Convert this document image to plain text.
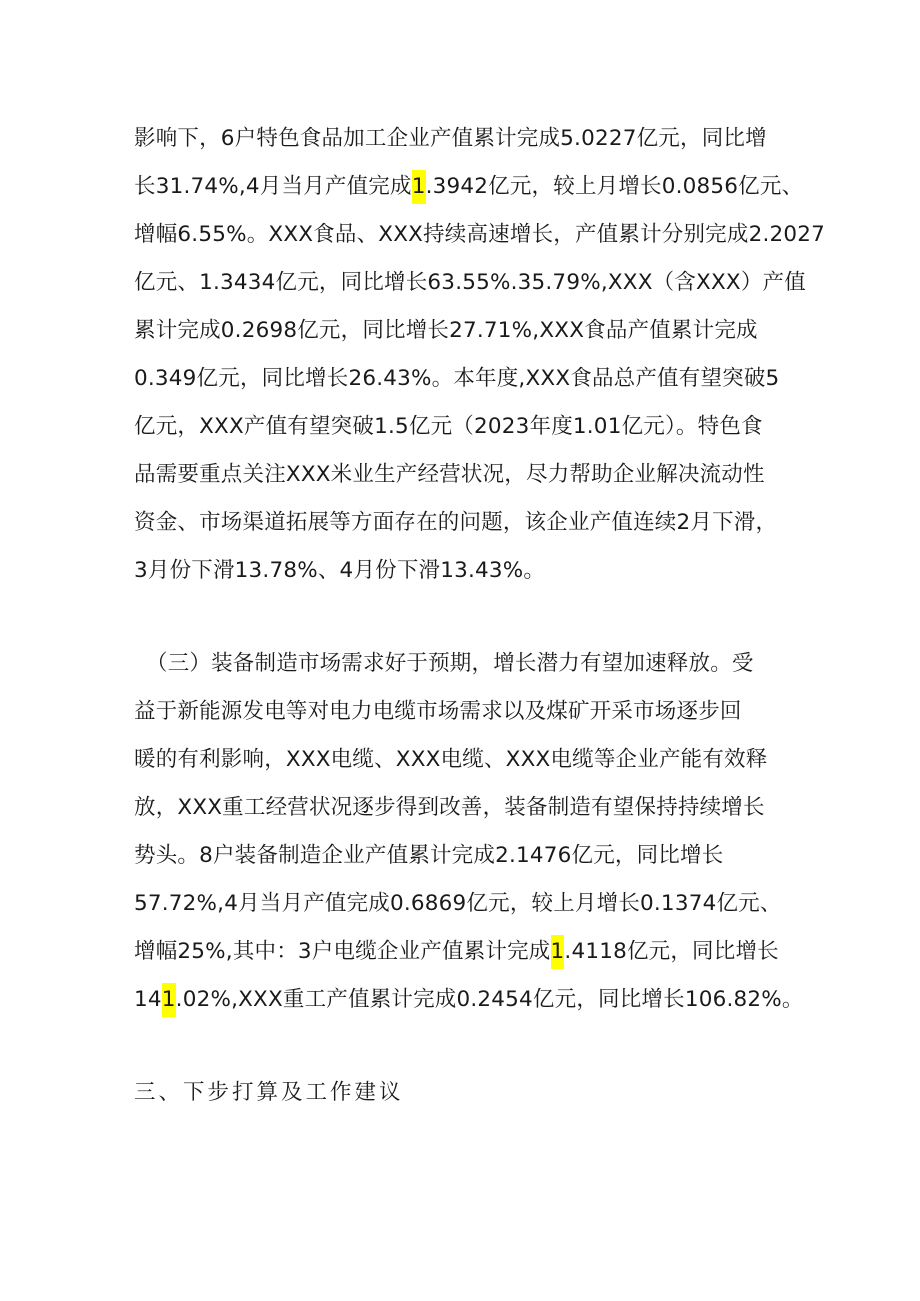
影响下，6户特色食品加工企业产值累计完成5.0227亿元，同比增
长31.74%,4月当月产值完成1.3942亿元，较上月增长0.0856亿元、
增幅6.55%。XXX食品、XXX持续高速增长，产值累计分别完成2.2027
亿元、1.3434亿元，同比增长63.55%.35.79%,XXX（含XXX）产值
累计完成0.2698亿元，同比增长27.71%,XXX食品产值累计完成
0.349亿元，同比增长26.43%。本年度,XXX食品总产值有望突破5
亿元，XXX产值有望突破1.5亿元（2023年度1.01亿元）。特色食
品需要重点关注XXX米业生产经营状况，尽力帮助企业解决流动性
资金、市场渠道拓展等方面存在的问题，该企业产值连续2月下滑，
3月份下滑13.78%、4月份下滑13.43%。
（三）装备制造市场需求好于预期，增长潜力有望加速释放。受
益于新能源发电等对电力电缆市场需求以及煤矿开采市场逐步回
暖的有利影响，XXX电缆、XXX电缆、XXX电缆等企业产能有效释
放，XXX重工经营状况逐步得到改善，装备制造有望保持持续增长
势头。8户装备制造企业产值累计完成2.1476亿元，同比增长
57.72%,4月当月产值完成0.6869亿元，较上月增长0.1374亿元、
增幅25%,其中：3户电缆企业产值累计完成1.4118亿元，同比增长
141.02%,XXX重工产值累计完成0.2454亿元，同比增长106.82%。
三、下步打算及工作建议
